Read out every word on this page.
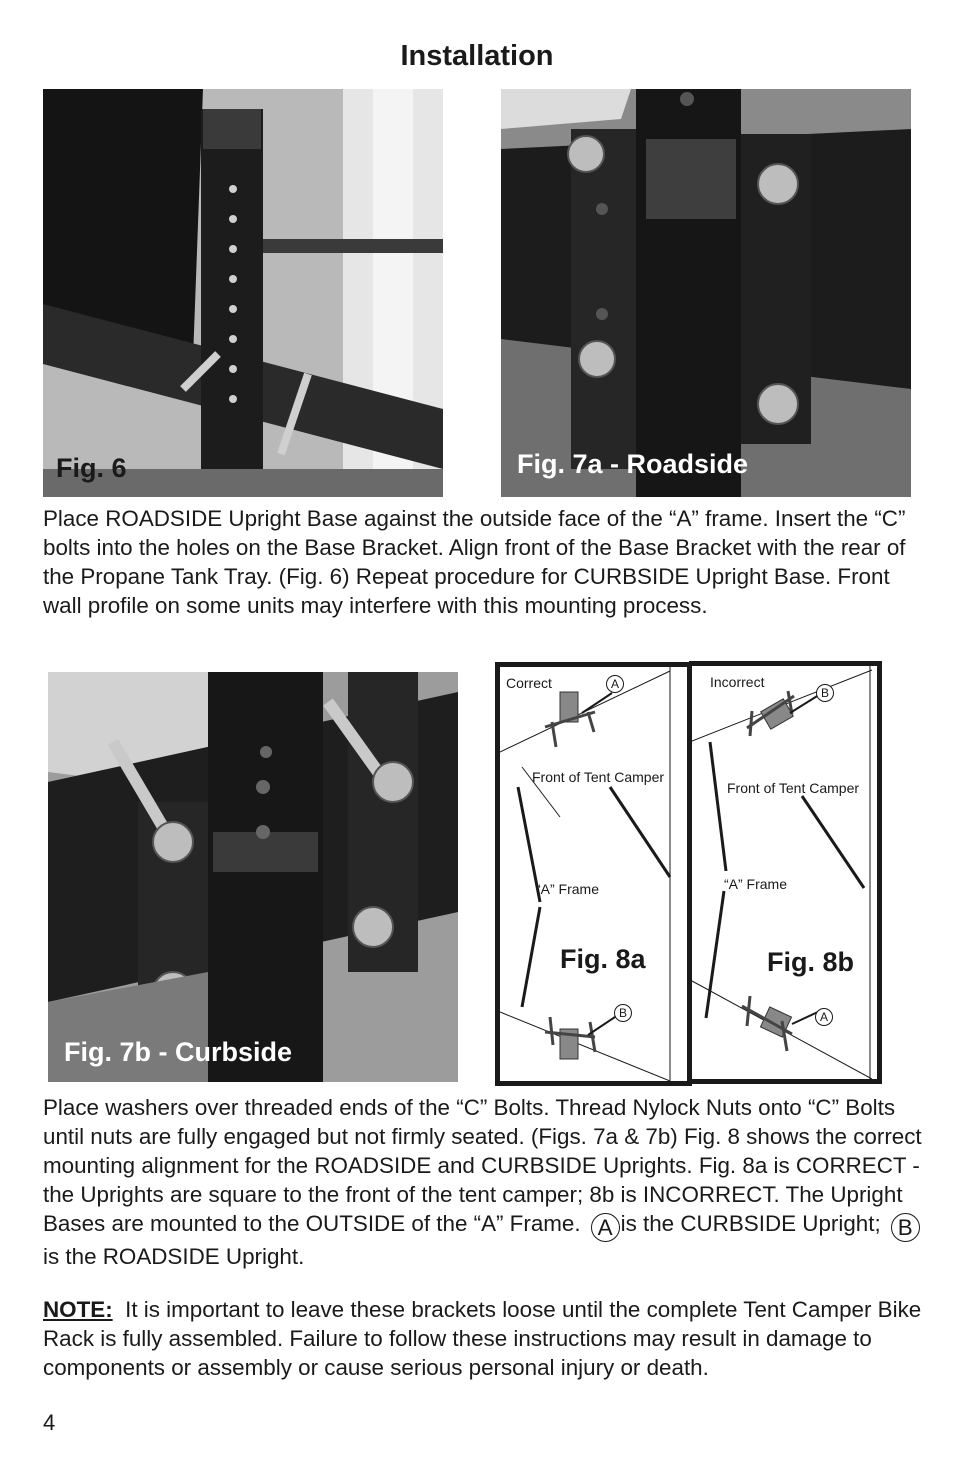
Installation
Fig. 6	Fig. 7a - Roadside

Place ROADSIDE Upright Base against the outside face of the “A” frame. Insert the “C” bolts into the holes on the Base Bracket. Align front of the Base Bracket with the rear of the Propane Tank Tray. (Fig. 6) Repeat procedure for CURBSIDE Upright Base. Front wall profile on some units may interfere with this mounting process.

Fig. 7b - Curbside
Correct	A
Front of Tent Camper
“A” Frame
Fig. 8a
B
Incorrect
B
Front of Tent Camper
“A” Frame
Fig. 8b
A

Place washers over threaded ends of the “C” Bolts. Thread Nylock Nuts onto “C” Bolts until nuts are fully engaged but not firmly seated. (Figs. 7a & 7b) Fig. 8 shows the correct mounting alignment for the ROADSIDE and CURBSIDE Uprights. Fig. 8a is CORRECT - the Uprights are square to the front of the tent camper; 8b is INCORRECT. The Upright Bases are mounted to the OUTSIDE of the “A” Frame. A is the CURBSIDE Upright; Bis the ROADSIDE Upright.

NOTE: It is important to leave these brackets loose until the complete Tent Camper Bike Rack is fully assembled. Failure to follow these instructions may result in damage to components or assembly or cause serious personal injury or death.

4
